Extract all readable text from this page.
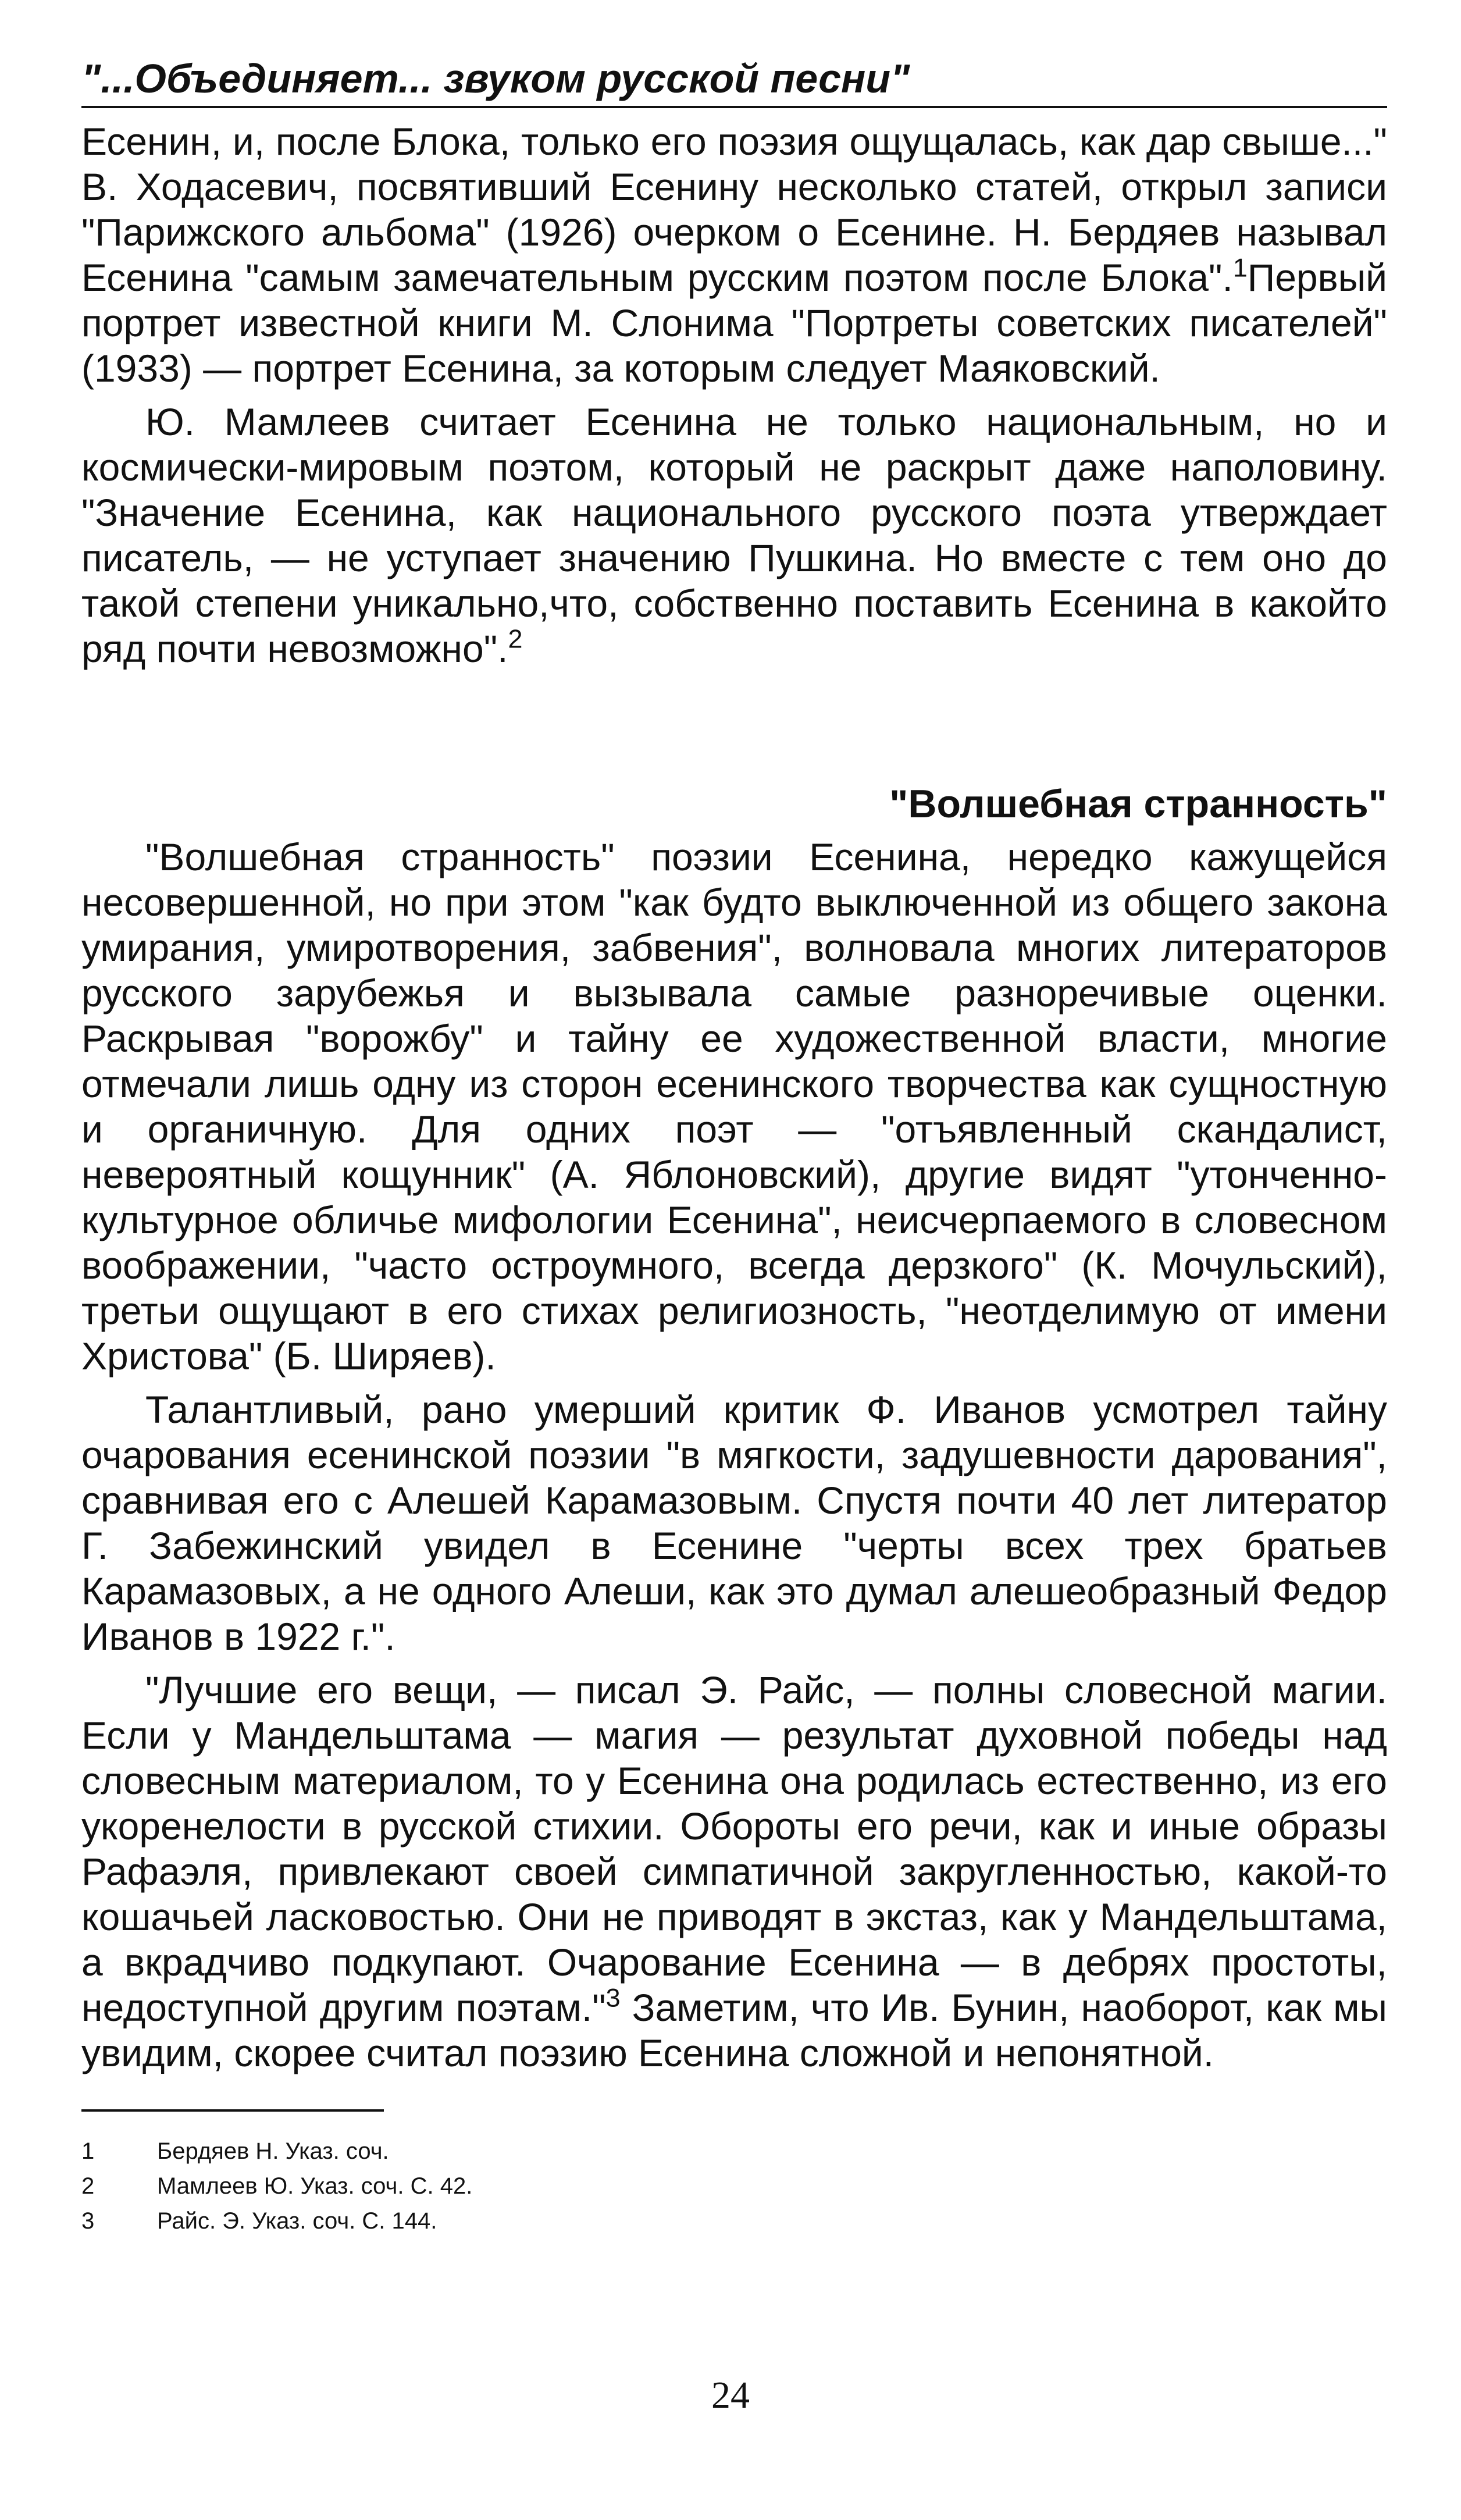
"...Объединяет... звуком русской песни"

Есенин, и, после Блока, только его поэзия ощущалась, как дар свыше..." В. Ходасевич, посвятивший Есенину несколько статей, открыл записи "Парижского альбома" (1926) очерком о Есенине. Н. Бердяев называл Есенина "самым замечательным русским поэтом после Блока".$^1$Первый портрет известной книги М. Слонима "Портреты советских писателей" (1933) — портрет Есенина, за которым следует Маяковский.

Ю. Мамлеев считает Есенина не только национальным, но и космически-мировым поэтом, который не раскрыт даже наполовину. "Значение Есенина, как национального русского поэта утверждает писатель, — не уступает значению Пушкина. Но вместе с тем оно до такой степени уникально,что, собственно поставить Есенина в какойто ряд почти невозможно".$^2$

"Волшебная странность"

"Волшебная странность" поэзии Есенина, нередко кажущейся несовершенной, но при этом "как будто выключенной из общего закона умирания, умиротворения, забвения", волновала многих литераторов русского зарубежья и вызывала самые разноречивые оценки. Раскрывая "ворожбу" и тайну ее художественной власти, многие отмечали лишь одну из сторон есенинского творчества как сущностную и органичную. Для одних поэт — "отъявленный скандалист, невероятный кощунник" (А. Яблоновский), другие видят "утонченно-культурное обличье мифологии Есенина", неисчерпаемого в словесном воображении, "часто остроумного, всегда дерзкого" (К. Мочульский), третьи ощущают в его стихах религиозность, "неотделимую от имени Христова" (Б. Ширяев).

Талантливый, рано умерший критик Ф. Иванов усмотрел тайну очарования есенинской поэзии "в мягкости, задушевности дарования", сравнивая его с Алешей Карамазовым. Спустя почти 40 лет литератор Г. Забежинский увидел в Есенине "черты всех трех братьев Карамазовых, а не одного Алеши, как это думал алешеобразный Федор Иванов в 1922 г.".

"Лучшие его вещи, — писал Э. Райс, — полны словесной магии. Если у Мандельштама — магия — результат духовной победы над словесным материалом, то у Есенина она родилась естественно, из его укоренелости в русской стихии. Обороты его речи, как и иные образы Рафаэля, привлекают своей симпатичной закругленностью, какой-то кошачьей ласковостью. Они не приводят в экстаз, как у Мандельштама, а вкрадчиво подкупают. Очарование Есенина — в дебрях простоты, недоступной другим поэтам."$^3$ Заметим, что Ив. Бунин, наоборот, как мы увидим, скорее считал поэзию Есенина сложной и непонятной.

1	Бердяев Н. Указ. соч.
2	Мамлеев Ю. Указ. соч. С. 42.
3	Райс. Э. Указ. соч. С. 144.
24
